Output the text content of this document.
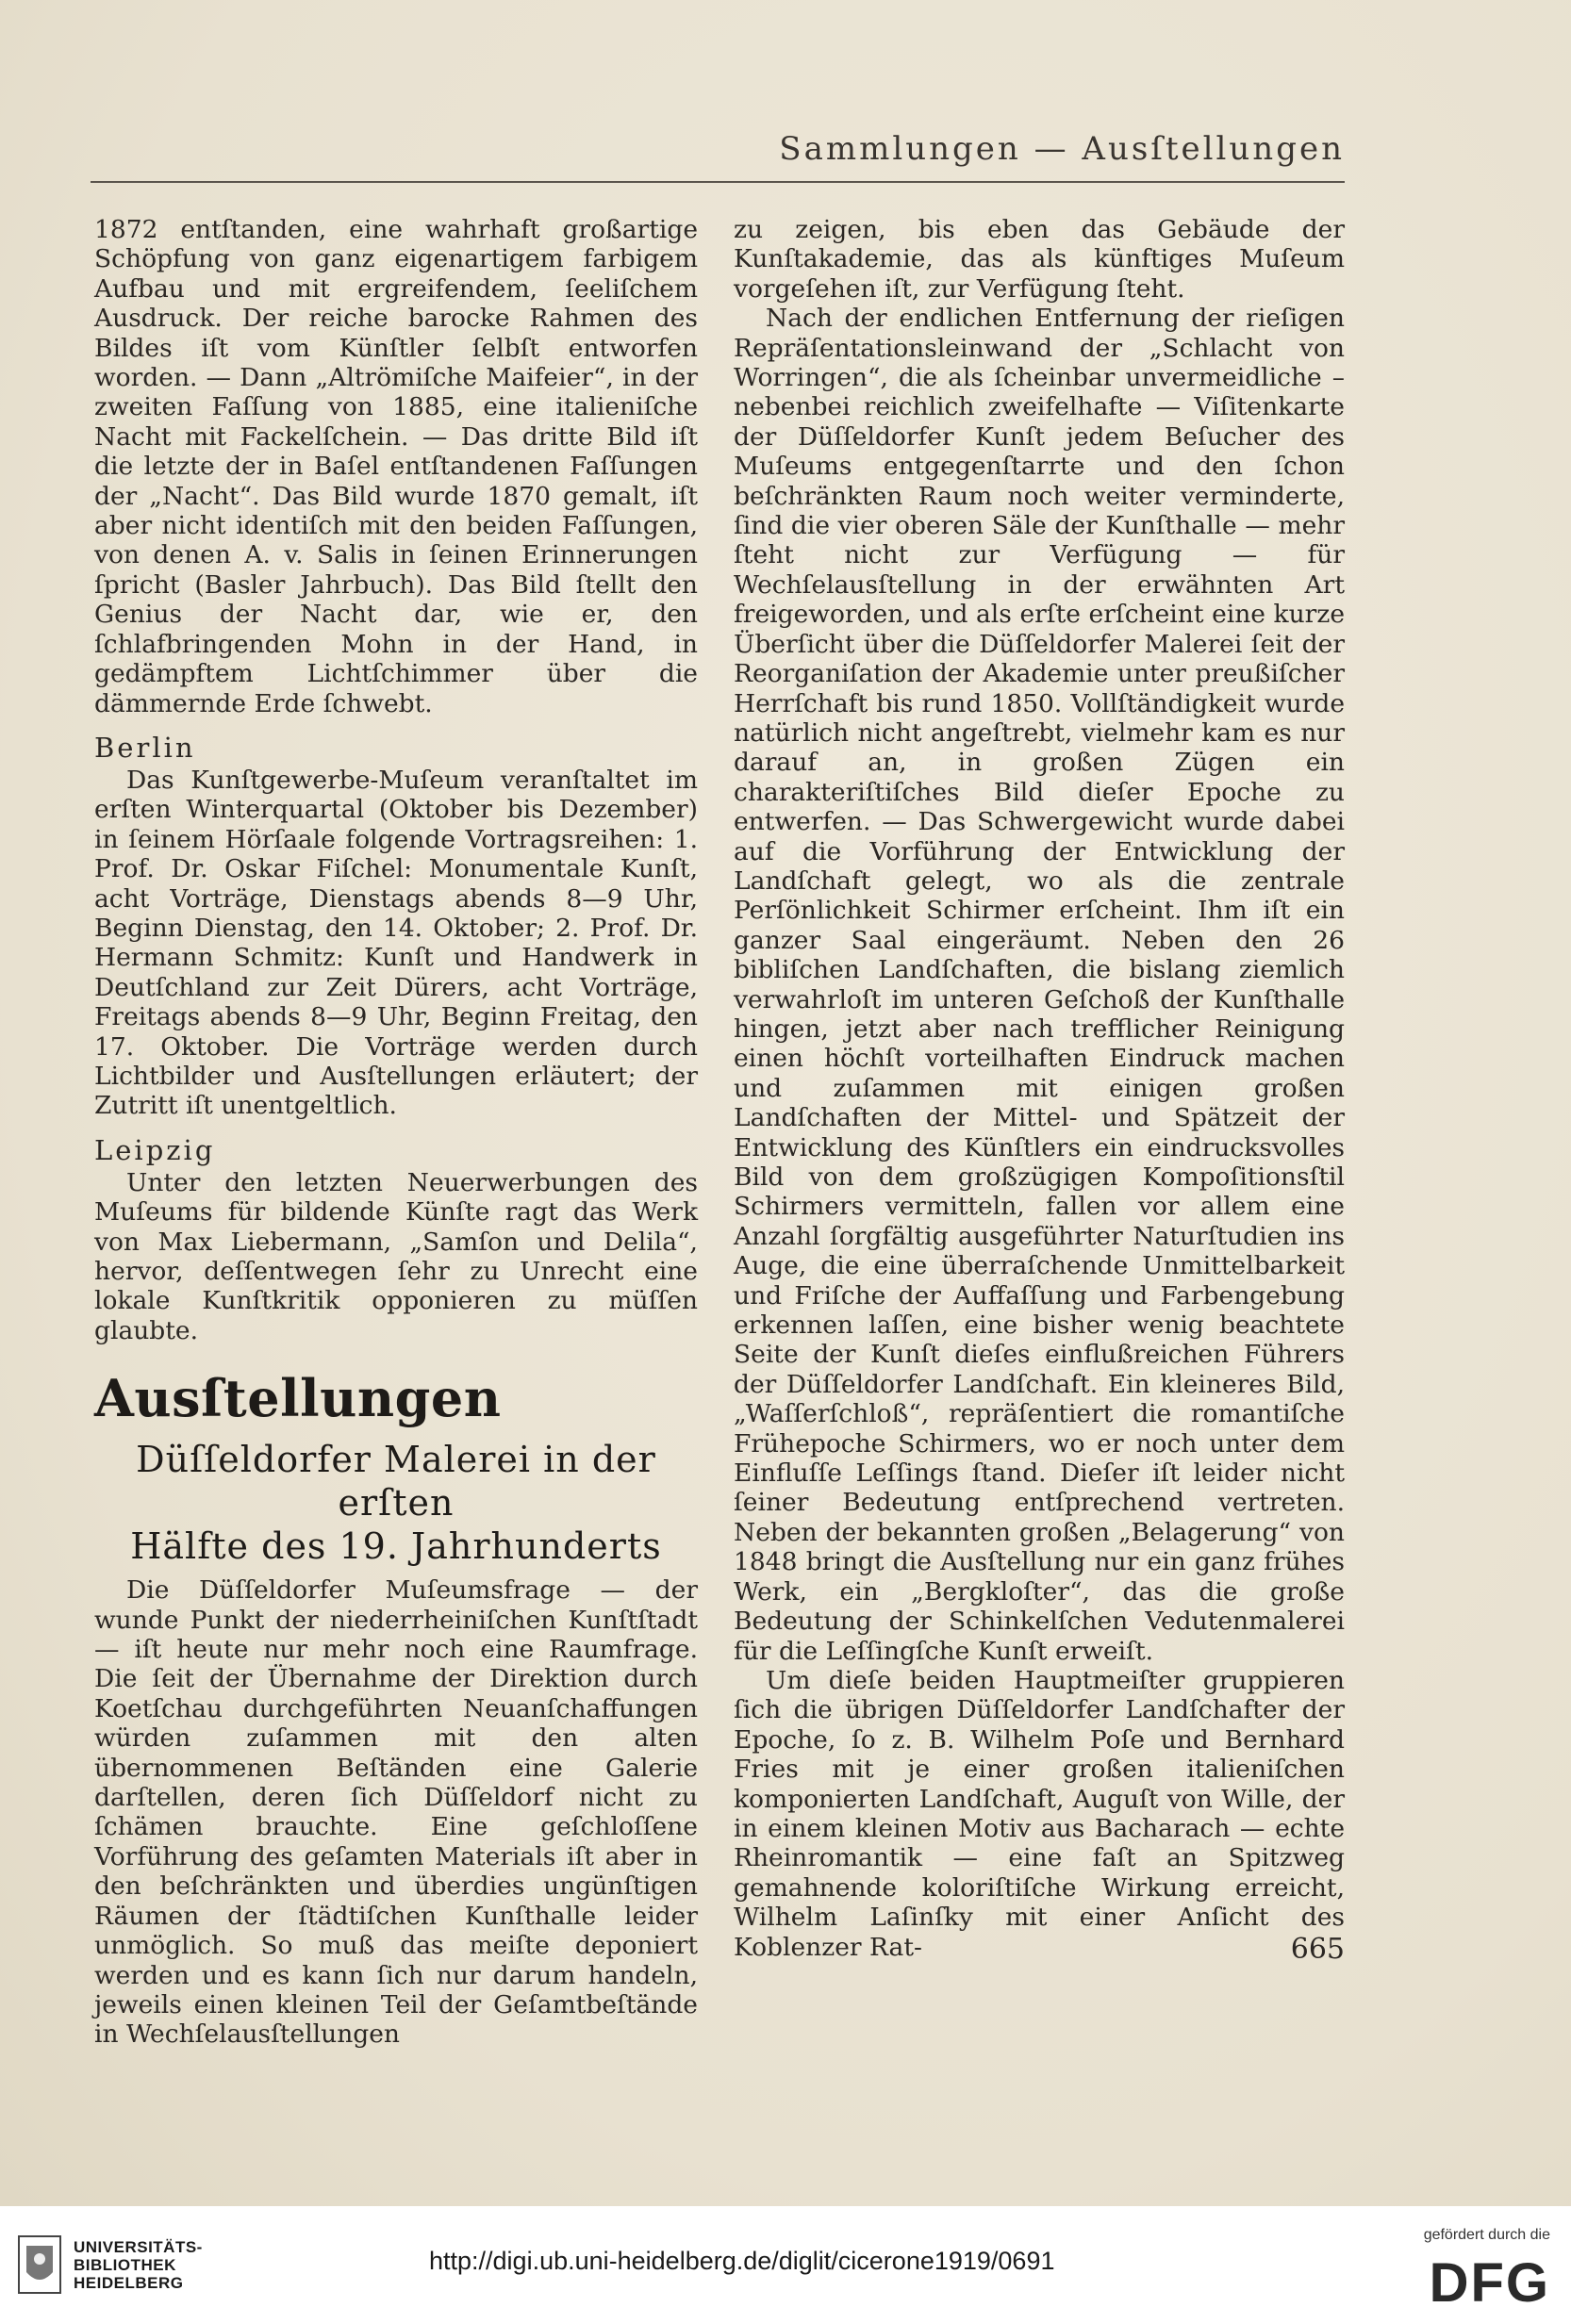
Sammlungen — Ausſtellungen

1872 entſtanden, eine wahrhaft großartige Schöpfung von ganz eigenartigem farbigem Aufbau und mit ergreifendem, ſeeliſchem Ausdruck. Der reiche barocke Rahmen des Bildes iſt vom Künſtler ſelbſt entworfen worden. — Dann „Altrömiſche Maifeier“, in der zweiten Faſſung von 1885, eine italieniſche Nacht mit Fackelſchein. — Das dritte Bild iſt die letzte der in Baſel entſtandenen Faſſungen der „Nacht“. Das Bild wurde 1870 gemalt, iſt aber nicht identiſch mit den beiden Faſſungen, von denen A. v. Salis in ſeinen Erinnerungen ſpricht (Basler Jahrbuch). Das Bild ſtellt den Genius der Nacht dar, wie er, den ſchlafbringenden Mohn in der Hand, in gedämpftem Lichtſchimmer über die dämmernde Erde ſchwebt.

Berlin

Das Kunſtgewerbe-Muſeum veranſtaltet im erſten Winterquartal (Oktober bis Dezember) in ſeinem Hörſaale folgende Vortragsreihen: 1. Prof. Dr. Oskar Fiſchel: Monumentale Kunſt, acht Vorträge, Dienstags abends 8—9 Uhr, Beginn Dienstag, den 14. Oktober; 2. Prof. Dr. Hermann Schmitz: Kunſt und Handwerk in Deutſchland zur Zeit Dürers, acht Vorträge, Freitags abends 8—9 Uhr, Beginn Freitag, den 17. Oktober. Die Vorträge werden durch Lichtbilder und Ausſtellungen erläutert; der Zutritt iſt unentgeltlich.

Leipzig

Unter den letzten Neuerwerbungen des Muſeums für bildende Künſte ragt das Werk von Max Liebermann, „Samſon und Delila“, hervor, deſſentwegen ſehr zu Unrecht eine lokale Kunſtkritik opponieren zu müſſen glaubte.

Ausſtellungen
Düſſeldorfer Malerei in der erſten
Hälfte des 19. Jahrhunderts

Die Düſſeldorfer Muſeumsfrage — der wunde Punkt der niederrheiniſchen Kunſtſtadt — iſt heute nur mehr noch eine Raumfrage. Die ſeit der Übernahme der Direktion durch Koetſchau durchgeführten Neuanſchaffungen würden zuſammen mit den alten übernommenen Beſtänden eine Galerie darſtellen, deren ſich Düſſeldorf nicht zu ſchämen brauchte. Eine geſchloſſene Vorführung des geſamten Materials iſt aber in den beſchränkten und überdies ungünſtigen Räumen der ſtädtiſchen Kunſthalle leider unmöglich. So muß das meiſte deponiert werden und es kann ſich nur darum handeln, jeweils einen kleinen Teil der Geſamtbeſtände in Wechſelausſtellungen

zu zeigen, bis eben das Gebäude der Kunſtakademie, das als künftiges Muſeum vorgeſehen iſt, zur Verfügung ſteht.

Nach der endlichen Entfernung der rieſigen Repräſentationsleinwand der „Schlacht von Worringen“, die als ſcheinbar unvermeidliche – nebenbei reichlich zweifelhafte — Viſitenkarte der Düſſeldorfer Kunſt jedem Beſucher des Muſeums entgegenſtarrte und den ſchon beſchränkten Raum noch weiter verminderte, ſind die vier oberen Säle der Kunſthalle — mehr ſteht nicht zur Verfügung — für Wechſelausſtellung in der erwähnten Art freigeworden, und als erſte erſcheint eine kurze Überſicht über die Düſſeldorfer Malerei ſeit der Reorganiſation der Akademie unter preußiſcher Herrſchaft bis rund 1850. Vollſtändigkeit wurde natürlich nicht angeſtrebt, vielmehr kam es nur darauf an, in großen Zügen ein charakteriſtiſches Bild dieſer Epoche zu entwerfen. — Das Schwergewicht wurde dabei auf die Vorführung der Entwicklung der Landſchaft gelegt, wo als die zentrale Perſönlichkeit Schirmer erſcheint. Ihm iſt ein ganzer Saal eingeräumt. Neben den 26 bibliſchen Landſchaften, die bislang ziemlich verwahrloſt im unteren Geſchoß der Kunſthalle hingen, jetzt aber nach trefflicher Reinigung einen höchſt vorteilhaften Eindruck machen und zuſammen mit einigen großen Landſchaften der Mittel- und Spätzeit der Entwicklung des Künſtlers ein eindrucksvolles Bild von dem großzügigen Kompoſitionsſtil Schirmers vermitteln, fallen vor allem eine Anzahl ſorgfältig ausgeführter Naturſtudien ins Auge, die eine überraſchende Unmittelbarkeit und Friſche der Auffaſſung und Farbengebung erkennen laſſen, eine bisher wenig beachtete Seite der Kunſt dieſes einflußreichen Führers der Düſſeldorfer Landſchaft. Ein kleineres Bild, „Waſſerſchloß“, repräſentiert die romantiſche Frühepoche Schirmers, wo er noch unter dem Einfluſſe Leſſings ſtand. Dieſer iſt leider nicht ſeiner Bedeutung entſprechend vertreten. Neben der bekannten großen „Belagerung“ von 1848 bringt die Ausſtellung nur ein ganz frühes Werk, ein „Bergkloſter“, das die große Bedeutung der Schinkelſchen Vedutenmalerei für die Leſſingſche Kunſt erweiſt.

Um dieſe beiden Hauptmeiſter gruppieren ſich die übrigen Düſſeldorfer Landſchafter der Epoche, ſo z. B. Wilhelm Poſe und Bernhard Fries mit je einer großen italieniſchen komponierten Landſchaft, Auguſt von Wille, der in einem kleinen Motiv aus Bacharach — echte Rheinromantik — eine faſt an Spitzweg gemahnende koloriſtiſche Wirkung erreicht, Wilhelm Laſinſky mit einer Anſicht des Koblenzer Rat-	665
UNIVERSITÄTS-
BIBLIOTHEK
HEIDELBERG
http://digi.ub.uni-heidelberg.de/diglit/cicerone1919/0691
gefördert durch die
DFG
